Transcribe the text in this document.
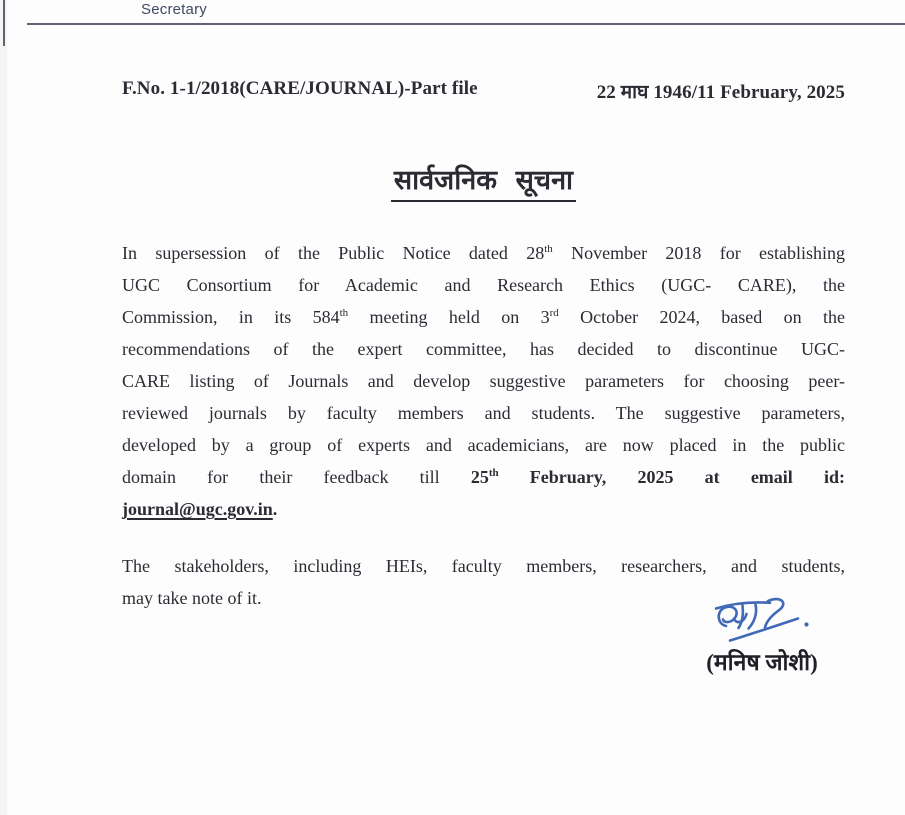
Secretary
F.No. 1-1/2018(CARE/JOURNAL)-Part file	22 माघ 1946/11 February, 2025
सार्वजनिक सूचना
In supersession of the Public Notice dated 28th November 2018 for establishing
UGC Consortium for Academic and Research Ethics (UGC- CARE), the
Commission, in its 584th meeting held on 3rd October 2024, based on the
recommendations of the expert committee, has decided to discontinue UGC-
CARE listing of Journals and develop suggestive parameters for choosing peer-
reviewed journals by faculty members and students. The suggestive parameters,
developed by a group of experts and academicians, are now placed in the public
domain for their feedback till 25th February, 2025 at email id:
journal@ugc.gov.in.
The stakeholders, including HEIs, faculty members, researchers, and students,
may take note of it.
(मनिष जोशी)
